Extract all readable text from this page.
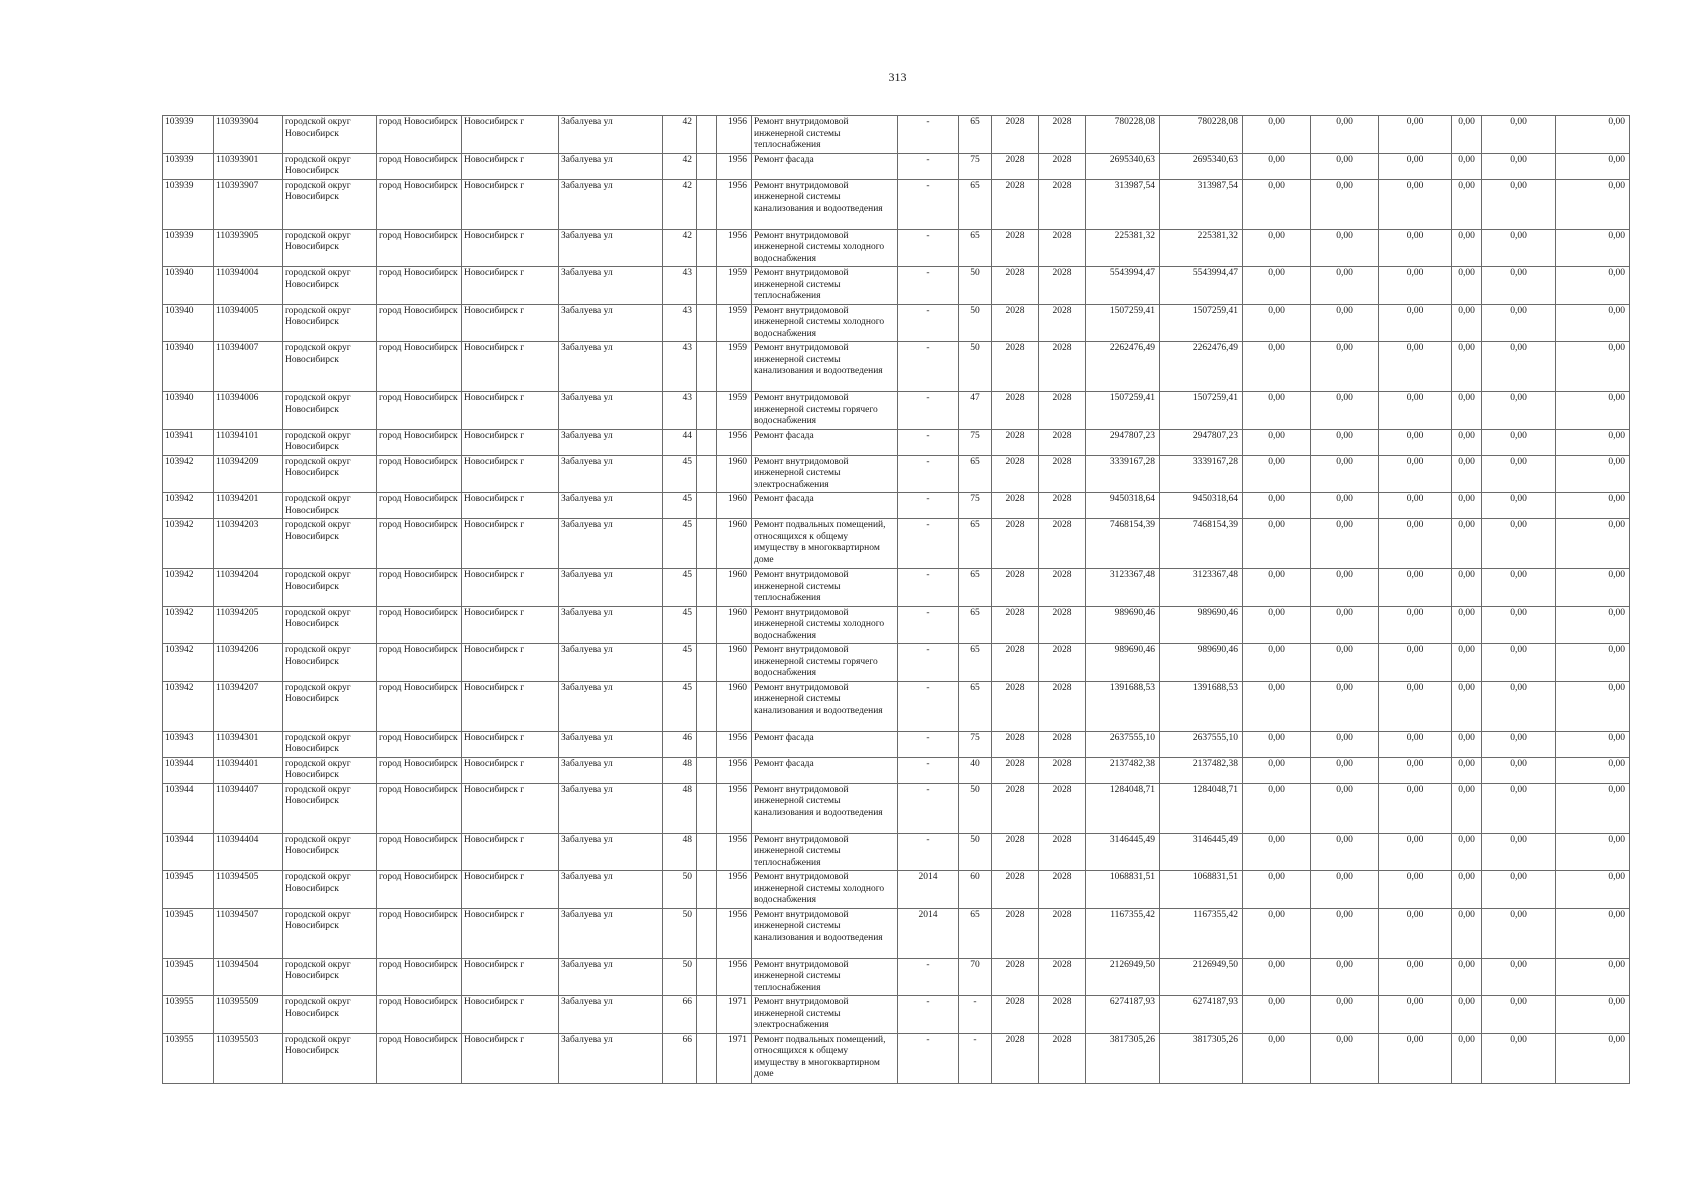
313
103939	110393904	городской округ Новосибирск	город Новосибирск	Новосибирск г	Забалуева ул	42		1956	Ремонт внутридомовой инженерной системы теплоснабжения	-	65	2028	2028	780228,08	780228,08	0,00	0,00	0,00	0,00	0,00	0,00
103939	110393901	городской округ Новосибирск	город Новосибирск	Новосибирск г	Забалуева ул	42		1956	Ремонт фасада	-	75	2028	2028	2695340,63	2695340,63	0,00	0,00	0,00	0,00	0,00	0,00
103939	110393907	городской округ Новосибирск	город Новосибирск	Новосибирск г	Забалуева ул	42		1956	Ремонт внутридомовой инженерной системы канализования и водоотведения	-	65	2028	2028	313987,54	313987,54	0,00	0,00	0,00	0,00	0,00	0,00
103939	110393905	городской округ Новосибирск	город Новосибирск	Новосибирск г	Забалуева ул	42		1956	Ремонт внутридомовой инженерной системы холодного водоснабжения	-	65	2028	2028	225381,32	225381,32	0,00	0,00	0,00	0,00	0,00	0,00
103940	110394004	городской округ Новосибирск	город Новосибирск	Новосибирск г	Забалуева ул	43		1959	Ремонт внутридомовой инженерной системы теплоснабжения	-	50	2028	2028	5543994,47	5543994,47	0,00	0,00	0,00	0,00	0,00	0,00
103940	110394005	городской округ Новосибирск	город Новосибирск	Новосибирск г	Забалуева ул	43		1959	Ремонт внутридомовой инженерной системы холодного водоснабжения	-	50	2028	2028	1507259,41	1507259,41	0,00	0,00	0,00	0,00	0,00	0,00
103940	110394007	городской округ Новосибирск	город Новосибирск	Новосибирск г	Забалуева ул	43		1959	Ремонт внутридомовой инженерной системы канализования и водоотведения	-	50	2028	2028	2262476,49	2262476,49	0,00	0,00	0,00	0,00	0,00	0,00
103940	110394006	городской округ Новосибирск	город Новосибирск	Новосибирск г	Забалуева ул	43		1959	Ремонт внутридомовой инженерной системы горячего водоснабжения	-	47	2028	2028	1507259,41	1507259,41	0,00	0,00	0,00	0,00	0,00	0,00
103941	110394101	городской округ Новосибирск	город Новосибирск	Новосибирск г	Забалуева ул	44		1956	Ремонт фасада	-	75	2028	2028	2947807,23	2947807,23	0,00	0,00	0,00	0,00	0,00	0,00
103942	110394209	городской округ Новосибирск	город Новосибирск	Новосибирск г	Забалуева ул	45		1960	Ремонт внутридомовой инженерной системы электроснабжения	-	65	2028	2028	3339167,28	3339167,28	0,00	0,00	0,00	0,00	0,00	0,00
103942	110394201	городской округ Новосибирск	город Новосибирск	Новосибирск г	Забалуева ул	45		1960	Ремонт фасада	-	75	2028	2028	9450318,64	9450318,64	0,00	0,00	0,00	0,00	0,00	0,00
103942	110394203	городской округ Новосибирск	город Новосибирск	Новосибирск г	Забалуева ул	45		1960	Ремонт подвальных помещений, относящихся к общему имуществу в многоквартирном доме	-	65	2028	2028	7468154,39	7468154,39	0,00	0,00	0,00	0,00	0,00	0,00
103942	110394204	городской округ Новосибирск	город Новосибирск	Новосибирск г	Забалуева ул	45		1960	Ремонт внутридомовой инженерной системы теплоснабжения	-	65	2028	2028	3123367,48	3123367,48	0,00	0,00	0,00	0,00	0,00	0,00
103942	110394205	городской округ Новосибирск	город Новосибирск	Новосибирск г	Забалуева ул	45		1960	Ремонт внутридомовой инженерной системы холодного водоснабжения	-	65	2028	2028	989690,46	989690,46	0,00	0,00	0,00	0,00	0,00	0,00
103942	110394206	городской округ Новосибирск	город Новосибирск	Новосибирск г	Забалуева ул	45		1960	Ремонт внутридомовой инженерной системы горячего водоснабжения	-	65	2028	2028	989690,46	989690,46	0,00	0,00	0,00	0,00	0,00	0,00
103942	110394207	городской округ Новосибирск	город Новосибирск	Новосибирск г	Забалуева ул	45		1960	Ремонт внутридомовой инженерной системы канализования и водоотведения	-	65	2028	2028	1391688,53	1391688,53	0,00	0,00	0,00	0,00	0,00	0,00
103943	110394301	городской округ Новосибирск	город Новосибирск	Новосибирск г	Забалуева ул	46		1956	Ремонт фасада	-	75	2028	2028	2637555,10	2637555,10	0,00	0,00	0,00	0,00	0,00	0,00
103944	110394401	городской округ Новосибирск	город Новосибирск	Новосибирск г	Забалуева ул	48		1956	Ремонт фасада	-	40	2028	2028	2137482,38	2137482,38	0,00	0,00	0,00	0,00	0,00	0,00
103944	110394407	городской округ Новосибирск	город Новосибирск	Новосибирск г	Забалуева ул	48		1956	Ремонт внутридомовой инженерной системы канализования и водоотведения	-	50	2028	2028	1284048,71	1284048,71	0,00	0,00	0,00	0,00	0,00	0,00
103944	110394404	городской округ Новосибирск	город Новосибирск	Новосибирск г	Забалуева ул	48		1956	Ремонт внутридомовой инженерной системы теплоснабжения	-	50	2028	2028	3146445,49	3146445,49	0,00	0,00	0,00	0,00	0,00	0,00
103945	110394505	городской округ Новосибирск	город Новосибирск	Новосибирск г	Забалуева ул	50		1956	Ремонт внутридомовой инженерной системы холодного водоснабжения	2014	60	2028	2028	1068831,51	1068831,51	0,00	0,00	0,00	0,00	0,00	0,00
103945	110394507	городской округ Новосибирск	город Новосибирск	Новосибирск г	Забалуева ул	50		1956	Ремонт внутридомовой инженерной системы канализования и водоотведения	2014	65	2028	2028	1167355,42	1167355,42	0,00	0,00	0,00	0,00	0,00	0,00
103945	110394504	городской округ Новосибирск	город Новосибирск	Новосибирск г	Забалуева ул	50		1956	Ремонт внутридомовой инженерной системы теплоснабжения	-	70	2028	2028	2126949,50	2126949,50	0,00	0,00	0,00	0,00	0,00	0,00
103955	110395509	городской округ Новосибирск	город Новосибирск	Новосибирск г	Забалуева ул	66		1971	Ремонт внутридомовой инженерной системы электроснабжения	-	-	2028	2028	6274187,93	6274187,93	0,00	0,00	0,00	0,00	0,00	0,00
103955	110395503	городской округ Новосибирск	город Новосибирск	Новосибирск г	Забалуева ул	66		1971	Ремонт подвальных помещений, относящихся к общему имуществу в многоквартирном доме	-	-	2028	2028	3817305,26	3817305,26	0,00	0,00	0,00	0,00	0,00	0,00
